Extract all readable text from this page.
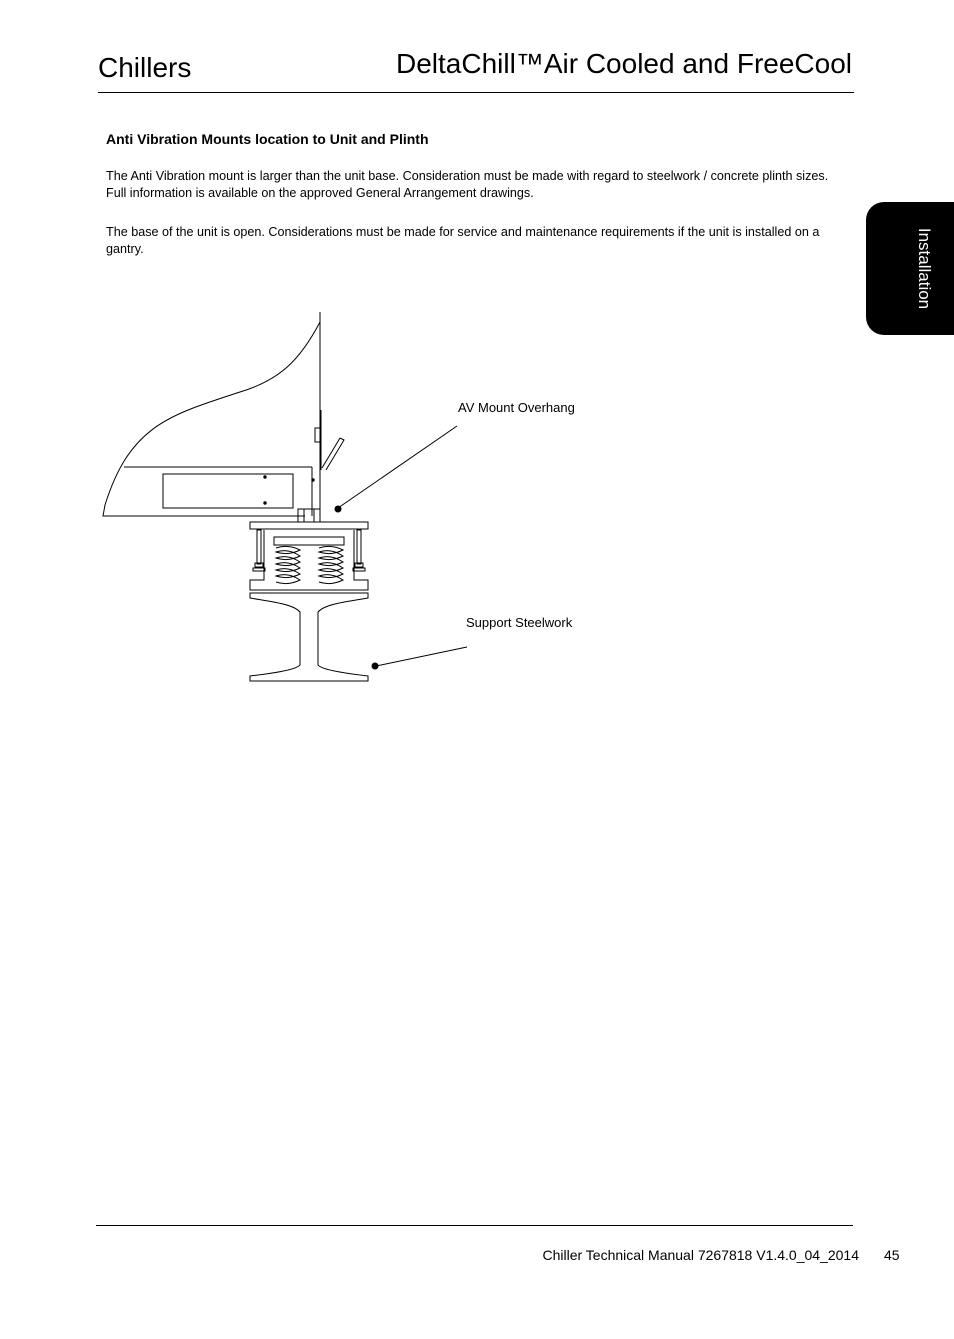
Chillers	DeltaChill™Air Cooled and FreeCool
Installation
Anti Vibration Mounts location to Unit and Plinth

The Anti Vibration mount is larger than the unit base. Consideration must be made with regard to steelwork / concrete plinth sizes. Full information is available on the approved General Arrangement drawings.

The base of the unit is open. Considerations must be made for service and maintenance requirements if the unit is installed on a gantry.

AV Mount Overhang
Support Steelwork
Chiller Technical Manual 7267818 V1.4.0_04_2014 45
